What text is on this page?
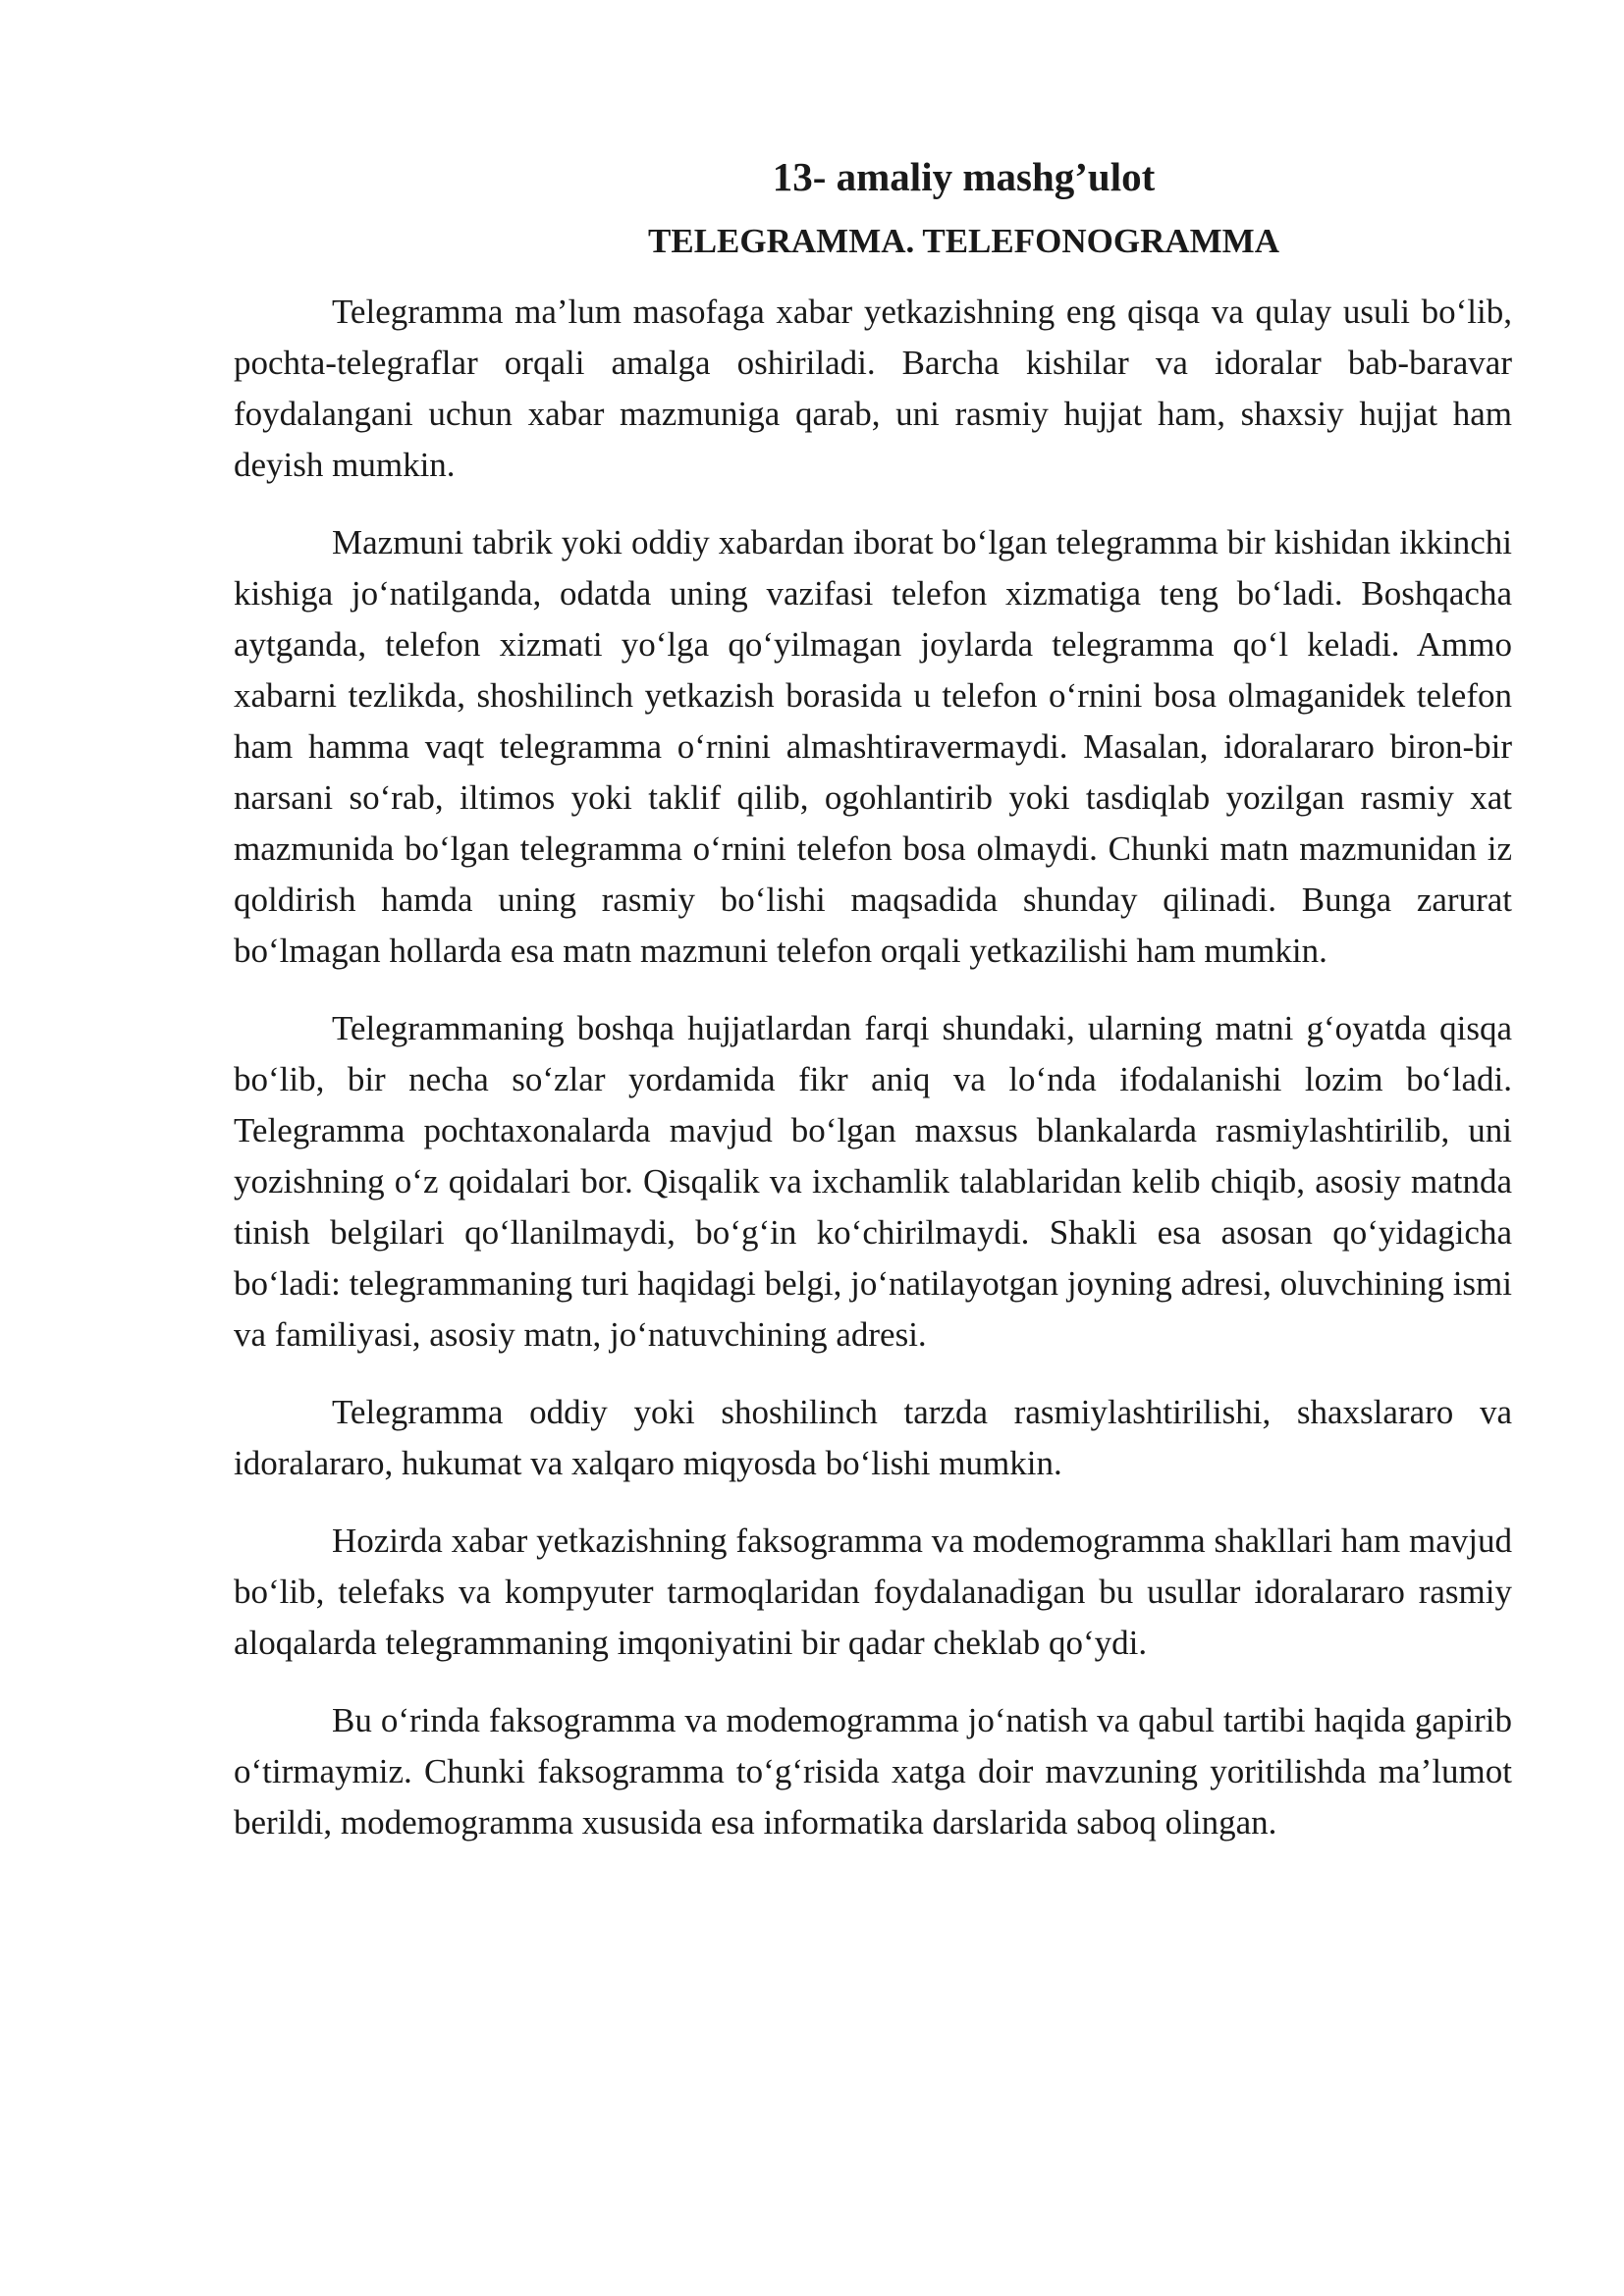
13- amaliy mashg’ulot
TELEGRAMMA. TELEFONOGRAMMA

Telegramma ma’lum masofaga xabar yetkazishning eng qisqa va qulay usuli bo‘lib, pochta-telegraflar orqali amalga oshiriladi. Barcha kishilar va idoralar bab-baravar foydalangani uchun xabar mazmuniga qarab, uni rasmiy hujjat ham, shaxsiy hujjat ham deyish mumkin.

Mazmuni tabrik yoki oddiy xabardan iborat bo‘lgan telegramma bir kishidan ikkinchi kishiga jo‘natilganda, odatda uning vazifasi telefon xizmatiga teng bo‘ladi. Boshqacha aytganda, telefon xizmati yo‘lga qo‘yilmagan joylarda telegramma qo‘l keladi. Ammo xabarni tezlikda, shoshilinch yetkazish borasida u telefon o‘rnini bosa olmaganidek telefon ham hamma vaqt telegramma o‘rnini almashtiravermaydi. Masalan, idoralararo biron-bir narsani so‘rab, iltimos yoki taklif qilib, ogohlantirib yoki tasdiqlab yozilgan rasmiy xat mazmunida bo‘lgan telegramma o‘rnini telefon bosa olmaydi. Chunki matn mazmunidan iz qoldirish hamda uning rasmiy bo‘lishi maqsadida shunday qilinadi. Bunga zarurat bo‘lmagan hollarda esa matn mazmuni telefon orqali yetkazilishi ham mumkin.

Telegrammaning boshqa hujjatlardan farqi shundaki, ularning matni g‘oyatda qisqa bo‘lib, bir necha so‘zlar yordamida fikr aniq va lo‘nda ifodalanishi lozim bo‘ladi. Telegramma pochtaxonalarda mavjud bo‘lgan maxsus blankalarda rasmiylashtirilib, uni yozishning o‘z qoidalari bor. Qisqalik va ixchamlik talablaridan kelib chiqib, asosiy matnda tinish belgilari qo‘llanilmaydi, bo‘g‘in ko‘chirilmaydi. Shakli esa asosan qo‘yidagicha bo‘ladi: telegrammaning turi haqidagi belgi, jo‘natilayotgan joyning adresi, oluvchining ismi va familiyasi, asosiy matn, jo‘natuvchining adresi.

Telegramma oddiy yoki shoshilinch tarzda rasmiylashtirilishi, shaxslararo va idoralararo, hukumat va xalqaro miqyosda bo‘lishi mumkin.

Hozirda xabar yetkazishning faksogramma va modemogramma shakllari ham mavjud bo‘lib, telefaks va kompyuter tarmoqlaridan foydalanadigan bu usullar idoralararo rasmiy aloqalarda telegrammaning imqoniyatini bir qadar cheklab qo‘ydi.

Bu o‘rinda faksogramma va modemogramma jo‘natish va qabul tartibi haqida gapirib o‘tirmaymiz. Chunki faksogramma to‘g‘risida xatga doir mavzuning yoritilishda ma’lumot berildi, modemogramma xususida esa informatika darslarida saboq olingan.
